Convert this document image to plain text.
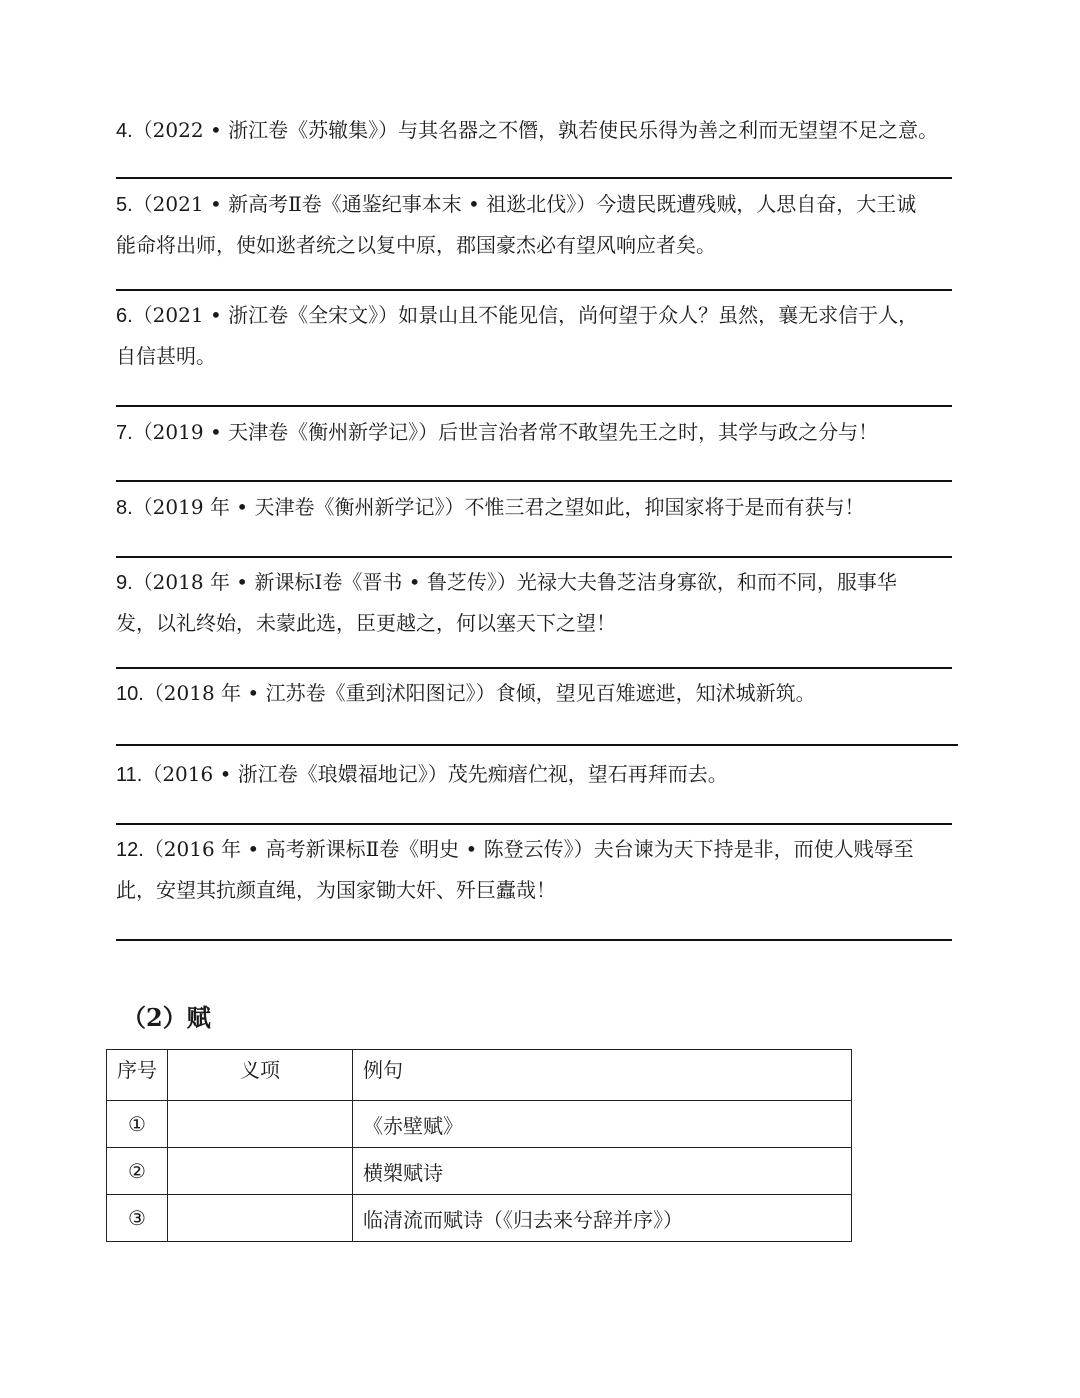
4.（2022 • 浙江卷《苏辙集》）与其名器之不僭，孰若使民乐得为善之利而无望望不足之意。
5.（2021 • 新高考Ⅱ卷《通鉴纪事本末 • 祖逖北伐》）今遗民既遭残贼，人思自奋，大王诚
能命将出师，使如逖者统之以复中原，郡国豪杰必有望风响应者矣。
6.（2021 • 浙江卷《全宋文》）如景山且不能见信，尚何望于众人？虽然，襄无求信于人，
自信甚明。
7.（2019 • 天津卷《衡州新学记》）后世言治者常不敢望先王之时，其学与政之分与！
8.（2019 年 • 天津卷《衡州新学记》）不惟三君之望如此，抑国家将于是而有获与！
9.（2018 年 • 新课标Ⅰ卷《晋书 • 鲁芝传》）光禄大夫鲁芝洁身寡欲，和而不同，服事华
发，以礼终始，未蒙此选，臣更越之，何以塞天下之望！
10.（2018 年 • 江苏卷《重到沭阳图记》）食倾，望见百雉遮迣，知沭城新筑。
11.（2016 • 浙江卷《琅嬛福地记》）茂先痴瘖伫视，望石再拜而去。
12.（2016 年 • 高考新课标Ⅱ卷《明史 • 陈登云传》）夫台谏为天下持是非，而使人贱辱至
此，安望其抗颜直绳，为国家锄大奸、歼巨蠹哉！
（2）赋
序号	义项	例句
①		《赤壁赋》
②		横槊赋诗
③		临清流而赋诗（《归去来兮辞并序》）
